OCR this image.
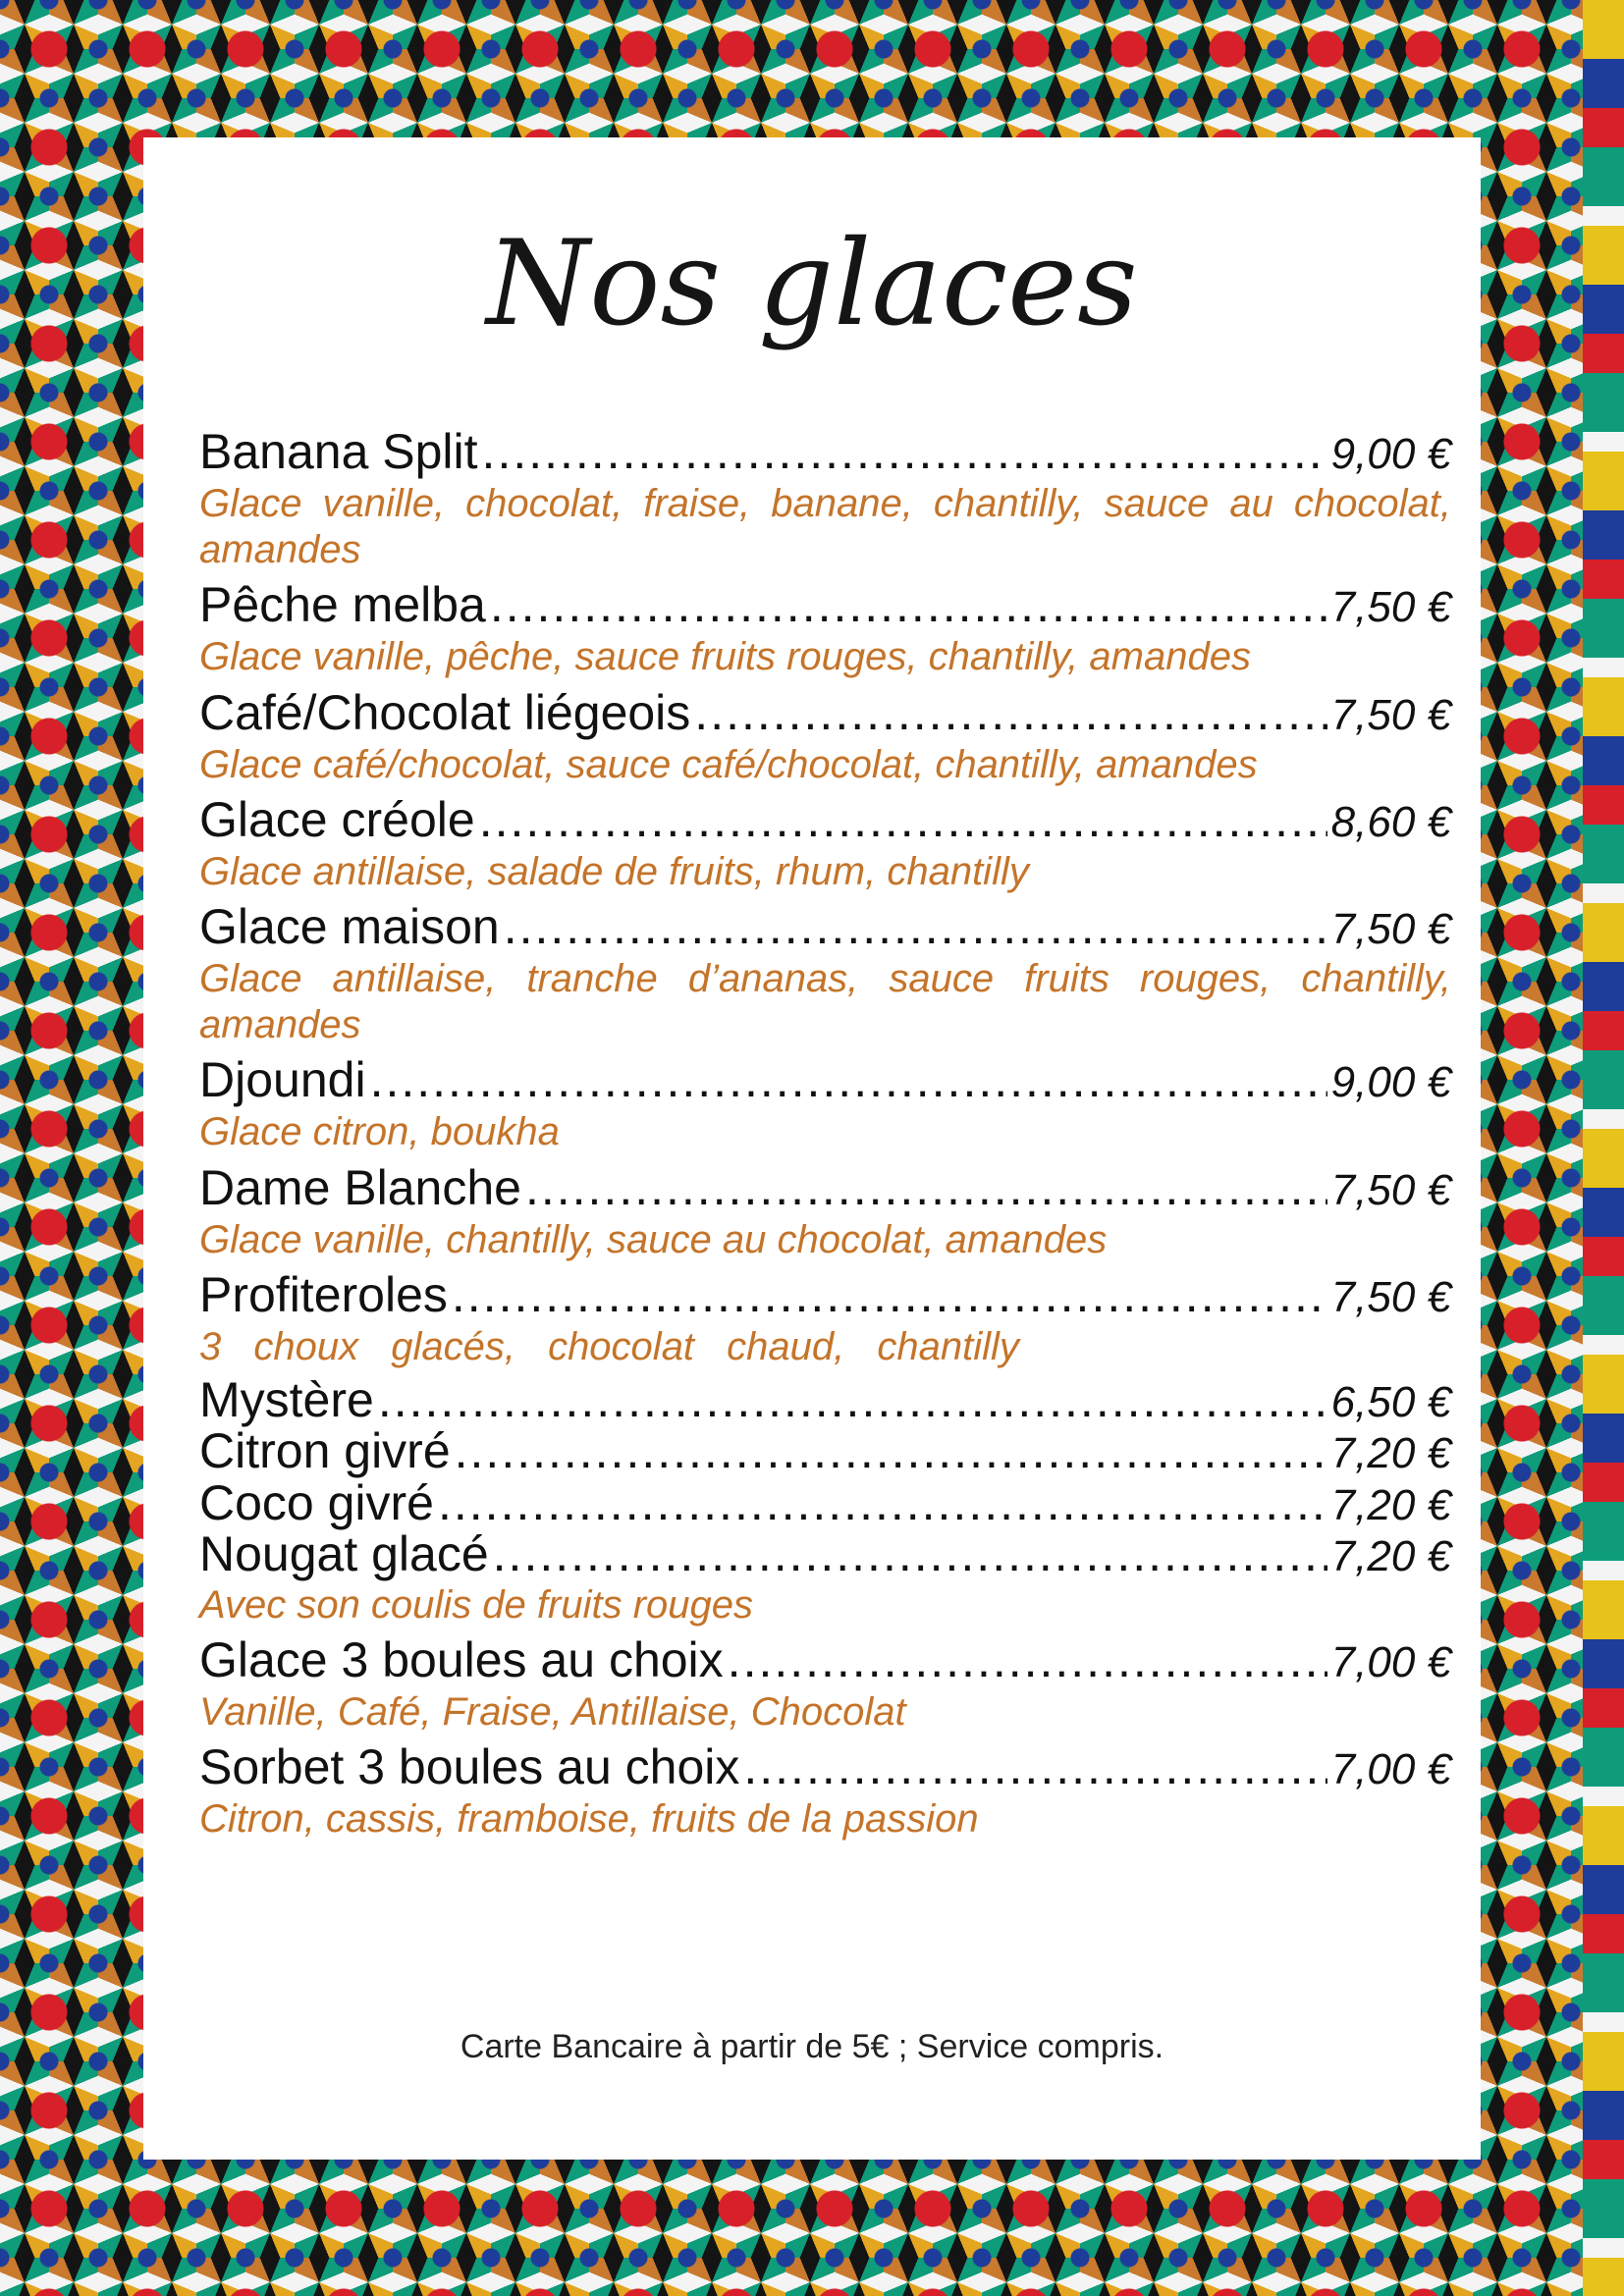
Nos glaces
Banana Split .....	9,00 €
Glace vanille, chocolat, fraise, banane, chantilly, sauce au chocolat, amandes
Pêche melba .....	7,50 €
Glace vanille, pêche, sauce fruits rouges, chantilly, amandes
Café/Chocolat liégeois .....	7,50 €
Glace café/chocolat, sauce café/chocolat, chantilly, amandes
Glace créole .....	8,60 €
Glace antillaise, salade de fruits, rhum, chantilly
Glace maison .....	7,50 €
Glace antillaise, tranche d’ananas, sauce fruits rouges, chantilly, amandes
Djoundi .....	9,00 €
Glace citron, boukha
Dame Blanche .....	7,50 €
Glace vanille, chantilly, sauce au chocolat, amandes
Profiteroles .....	7,50 €
3 choux glacés, chocolat chaud, chantilly
Mystère .....	6,50 €
Citron givré .....	7,20 €
Coco givré .....	7,20 €
Nougat glacé .....	7,20 €
Avec son coulis de fruits rouges
Glace 3 boules au choix .....	7,00 €
Vanille, Café, Fraise, Antillaise, Chocolat
Sorbet 3 boules au choix .....	7,00 €
Citron, cassis, framboise, fruits de la passion
Carte Bancaire à partir de 5€ ; Service compris.
